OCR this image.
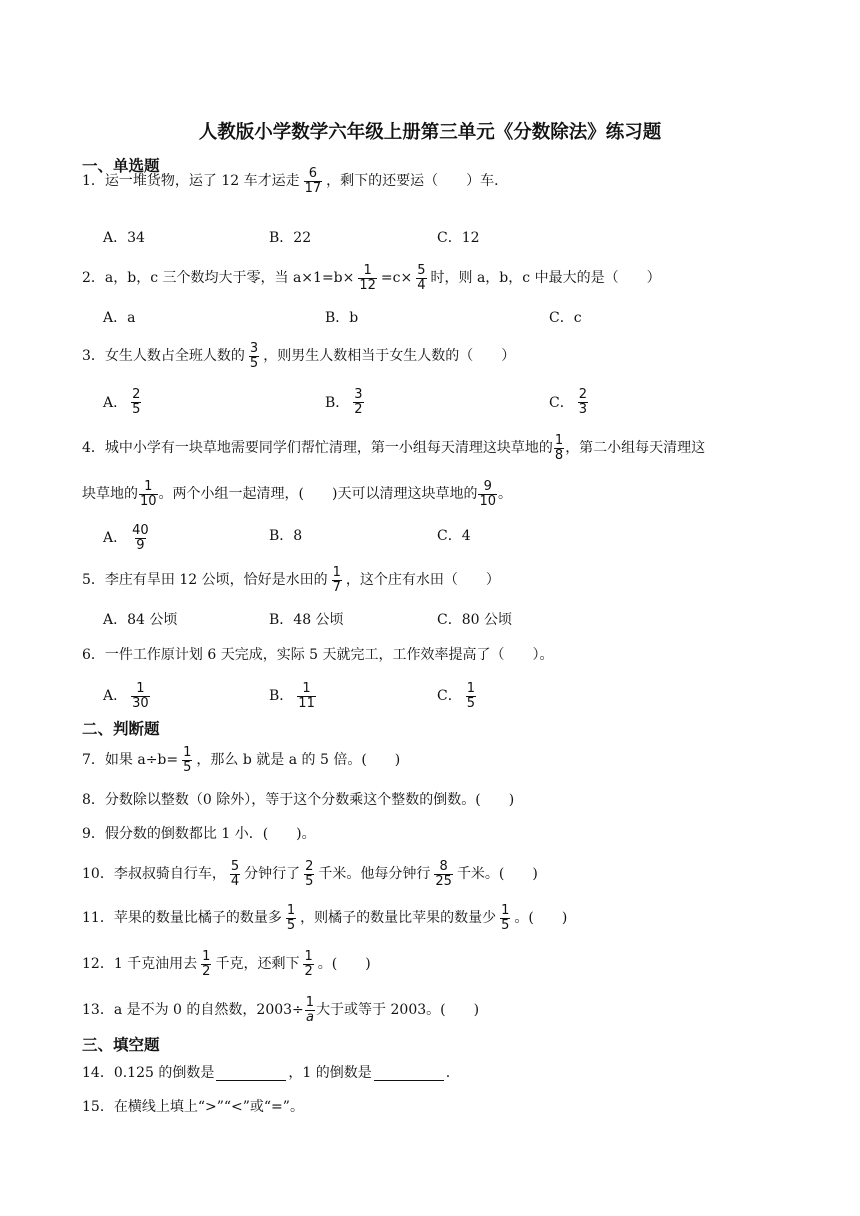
人教版小学数学六年级上册第三单元《分数除法》练习题
一、单选题
1．运一堆货物，运了 12 车才运走 $\frac{6}{17}$ ，剩下的还要运（　　）车．
A．34	B．22	C．12
2．a，b，c 三个数均大于零，当 $a\times 1=b\times \frac{1}{12} =c\times \frac{5}{4}$ 时，则 a，b，c 中最大的是（　　）
A．a	B．b	C．c
3．女生人数占全班人数的 $\frac{3}{5}$ ，则男生人数相当于女生人数的（　　）
A． $\frac{2}{5}$	B． $\frac{3}{2}$	C． $\frac{2}{3}$
4．城中小学有一块草地需要同学们帮忙清理，第一小组每天清理这块草地的 $\frac{1}{8}$ ，第二小组每天清理这
块草地的 $\frac{1}{10}$ 。两个小组一起清理，(　　)天可以清理这块草地的 $\frac{9}{10}$ 。
A． $\frac{40}{9}$	B．8	C．4
5．李庄有旱田 12 公顷，恰好是水田的 $\frac{1}{7}$ ，这个庄有水田（　　）
A．84 公顷	B．48 公顷	C．80 公顷
6．一件工作原计划 6 天完成，实际 5 天就完工，工作效率提高了（　　）。
A． $\frac{1}{30}$	B． $\frac{1}{11}$	C． $\frac{1}{5}$
二、判断题
7．如果 $a\div b= \frac{1}{5}$ ，那么 b 就是 a 的 5 倍。(　　)
8．分数除以整数（0 除外），等于这个分数乘这个整数的倒数。(　　)
9．假分数的倒数都比 1 小．(　　)。
10．李叔叔骑自行车， $\frac{5}{4}$ 分钟行了 $\frac{2}{5}$ 千米。他每分钟行 $\frac{8}{25}$ 千米。(　　)
11．苹果的数量比橘子的数量多 $\frac{1}{5}$ ，则橘子的数量比苹果的数量少 $\frac{1}{5}$ 。(　　)
12．1 千克油用去 $\frac{1}{2}$ 千克，还剩下 $\frac{1}{2}$ 。(　　)
13．a 是不为 0 的自然数，$2003\div \frac{1}{a}$ 大于或等于 2003。(　　)
三、填空题
14．0.125 的倒数是	，1 的倒数是	.
15．在横线上填上“>”“<”或“=”。
